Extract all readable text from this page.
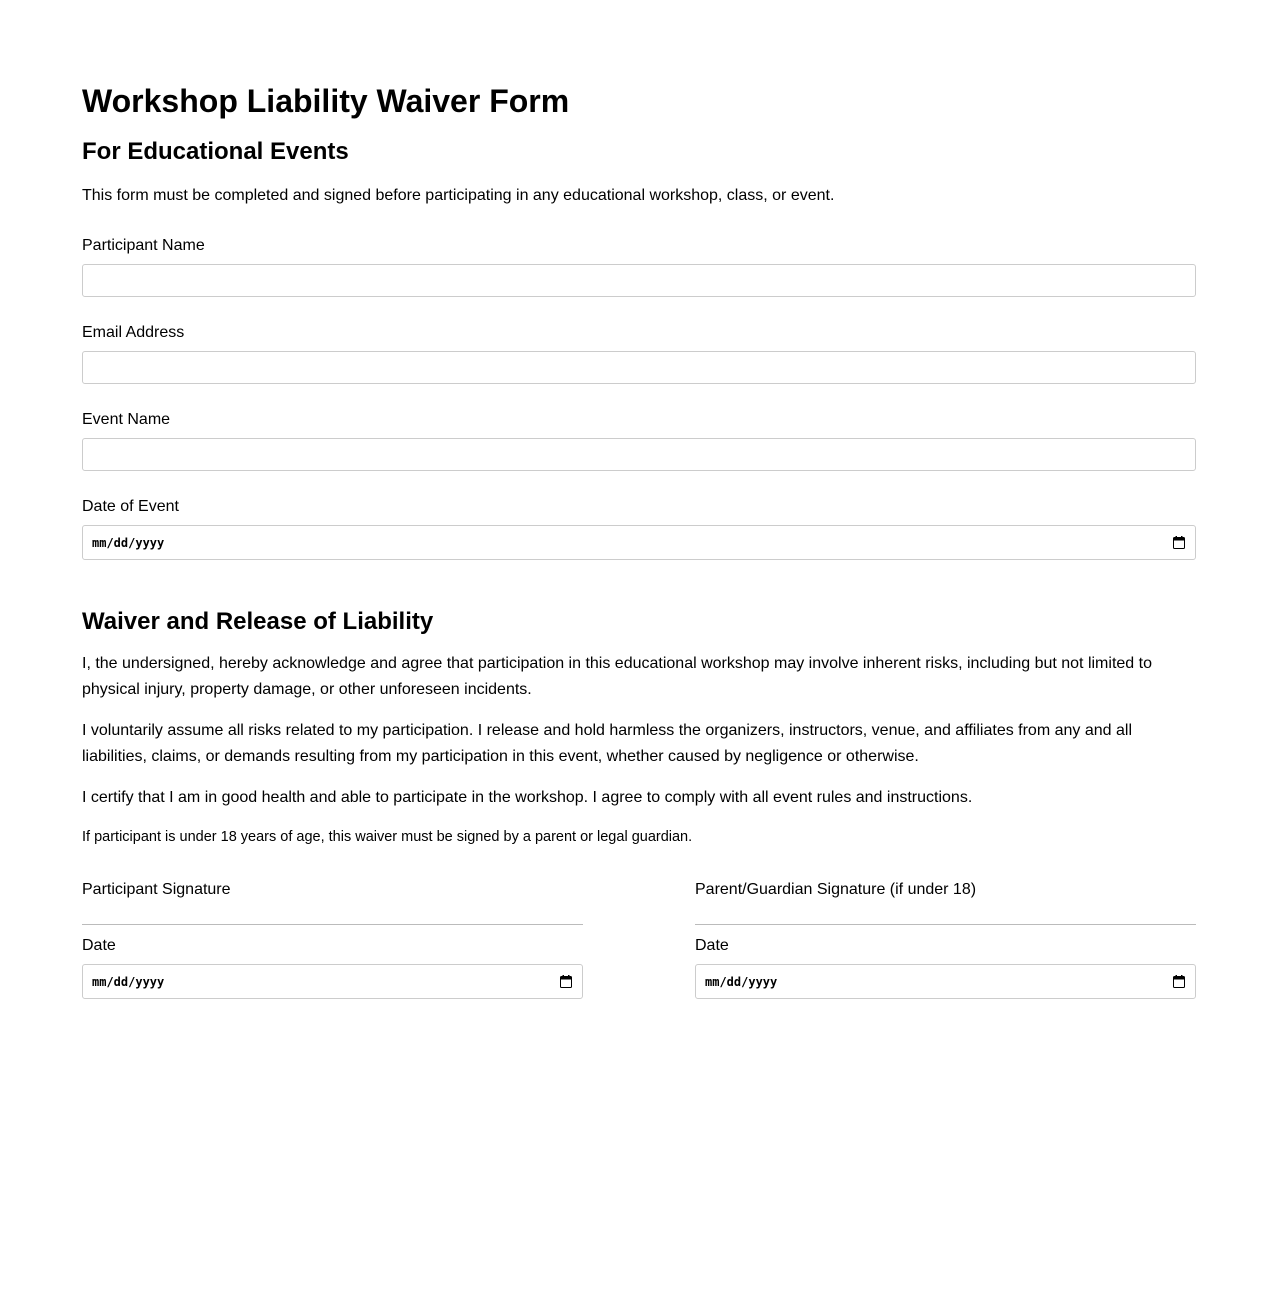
Workshop Liability Waiver Form
For Educational Events

This form must be completed and signed before participating in any educational workshop, class, or event.

Participant Name
Email Address
Event Name
Date of Event
mm/dd/yyyy
Waiver and Release of Liability

I, the undersigned, hereby acknowledge and agree that participation in this educational workshop may involve inherent risks, including but not limited to physical injury, property damage, or other unforeseen incidents.

I voluntarily assume all risks related to my participation. I release and hold harmless the organizers, instructors, venue, and affiliates from any and all liabilities, claims, or demands resulting from my participation in this event, whether caused by negligence or otherwise.

I certify that I am in good health and able to participate in the workshop. I agree to comply with all event rules and instructions.

If participant is under 18 years of age, this waiver must be signed by a parent or legal guardian.

Participant Signature
Date
mm/dd/yyyy
Parent/Guardian Signature (if under 18)
Date
mm/dd/yyyy
